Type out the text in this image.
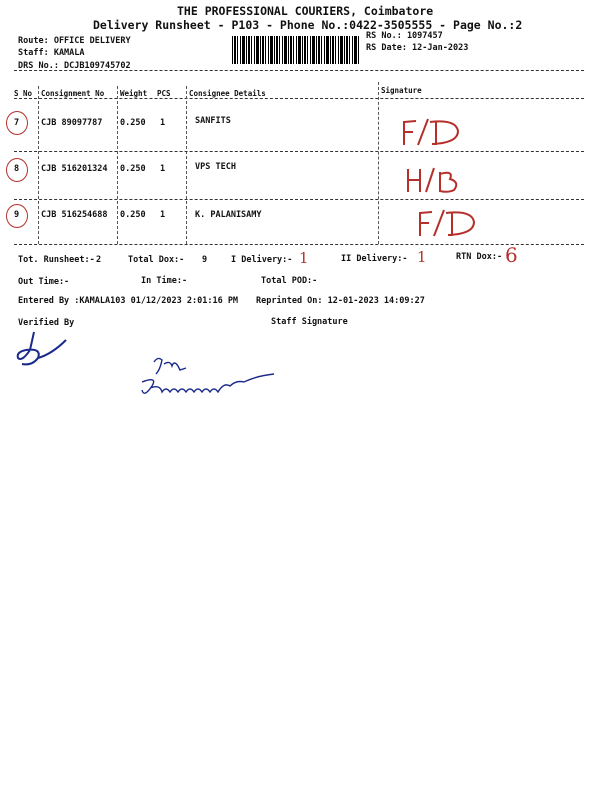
THE PROFESSIONAL COURIERS, Coimbatore
Delivery Runsheet - P103 - Phone No.:0422-3505555 - Page No.:2
Route: OFFICE DELIVERY
Staff: KAMALA
DRS No.: DCJB109745702
RS No.: 1097457
RS Date: 12-Jan-2023
S No Consignment No Weight PCS Consignee Details	Signature
7	CJB 89097787 0.250 1	SANFITS
8	CJB 516201324 0.250 1	VPS TECH
9	CJB 516254688 0.250 1	K. PALANISAMY
Tot. Runsheet:- 2	Total Dox:- 9	I Delivery:- 1	II Delivery:- 1	RTN Dox:- 6
Out Time:-	In Time:-	Total POD:-
Entered By :KAMALA103 01/12/2023 2:01:16 PM Reprinted On: 12-01-2023 14:09:27
Verified By	Staff Signature
